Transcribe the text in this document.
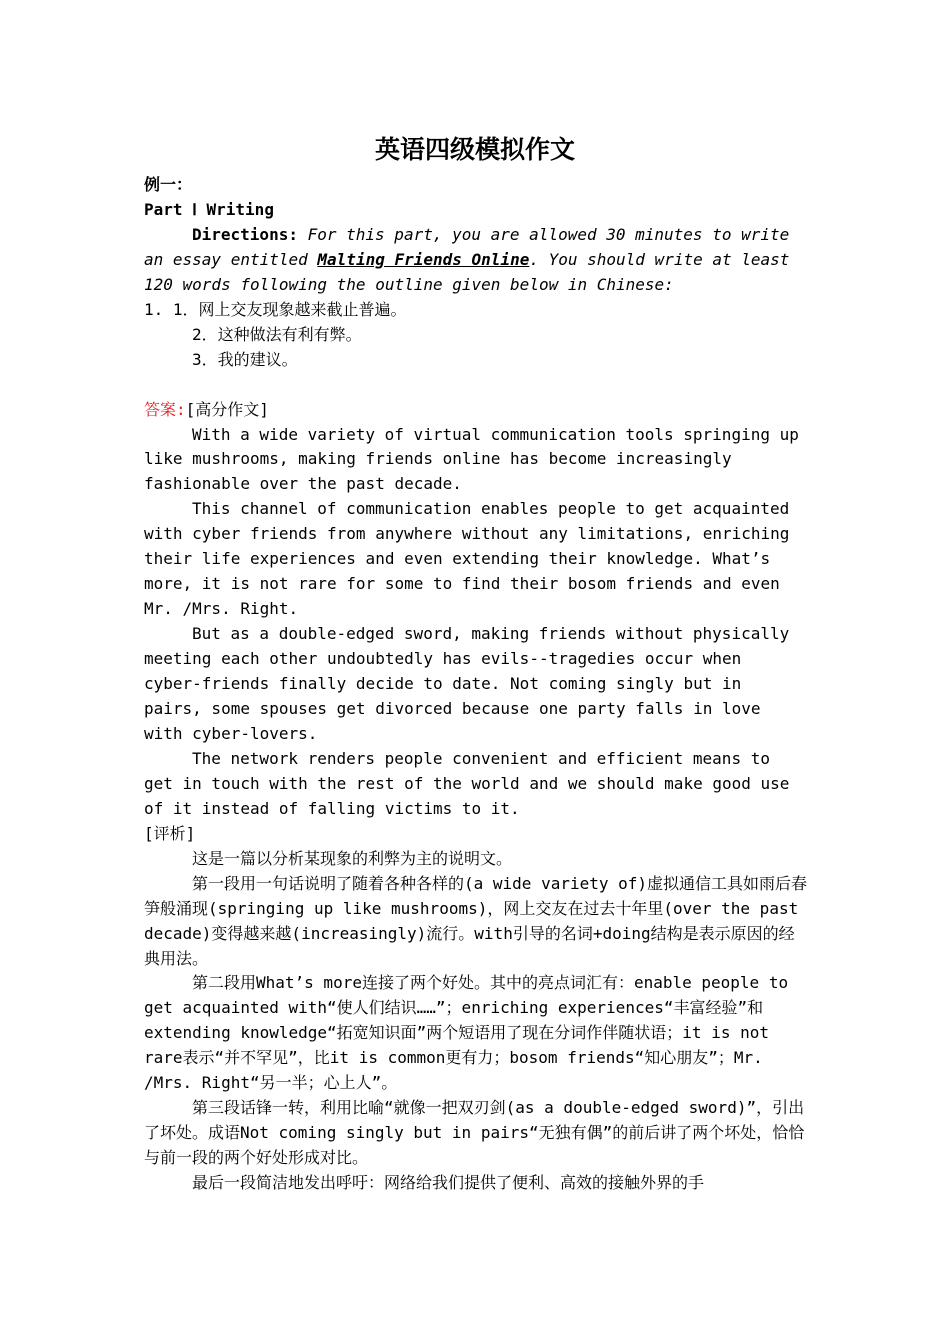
英语四级模拟作文

例一：

Part Ⅰ Writing

Directions: For this part, you are allowed 30 minutes to write an essay entitled Malting Friends Online. You should write at least 120 words following the outline given below in Chinese:

1. 1．网上交友现象越来截止普遍。

2．这种做法有利有弊。

3．我的建议。

答案:[高分作文]

With a wide variety of virtual communication tools springing up like mushrooms, making friends online has become increasingly fashionable over the past decade.

This channel of communication enables people to get acquainted with cyber friends from anywhere without any limitations, enriching their life experiences and even extending their knowledge. What’s more, it is not rare for some to find their bosom friends and even Mr. /Mrs. Right.

But as a double-edged sword, making friends without physically meeting each other undoubtedly has evils--tragedies occur when cyber-friends finally decide to date. Not coming singly but in pairs, some spouses get divorced because one party falls in love with cyber-lovers.

The network renders people convenient and efficient means to get in touch with the rest of the world and we should make good use of it instead of falling victims to it.

[评析]

这是一篇以分析某现象的利弊为主的说明文。

第一段用一句话说明了随着各种各样的(a wide variety of)虚拟通信工具如雨后春笋般涌现(springing up like mushrooms)，网上交友在过去十年里(over the past decade)变得越来越(increasingly)流行。with引导的名词+doing结构是表示原因的经典用法。

第二段用What’s more连接了两个好处。其中的亮点词汇有：enable people to get acquainted with“使人们结识……”；enriching experiences“丰富经验”和extending knowledge“拓宽知识面”两个短语用了现在分词作伴随状语；it is not rare表示“并不罕见”，比it is common更有力；bosom friends“知心朋友”；Mr. /Mrs. Right“另一半；心上人”。

第三段话锋一转，利用比喻“就像一把双刃剑(as a double-edged sword)”，引出了坏处。成语Not coming singly but in pairs“无独有偶”的前后讲了两个坏处，恰恰与前一段的两个好处形成对比。

最后一段简洁地发出呼吁：网络给我们提供了便利、高效的接触外界的手
